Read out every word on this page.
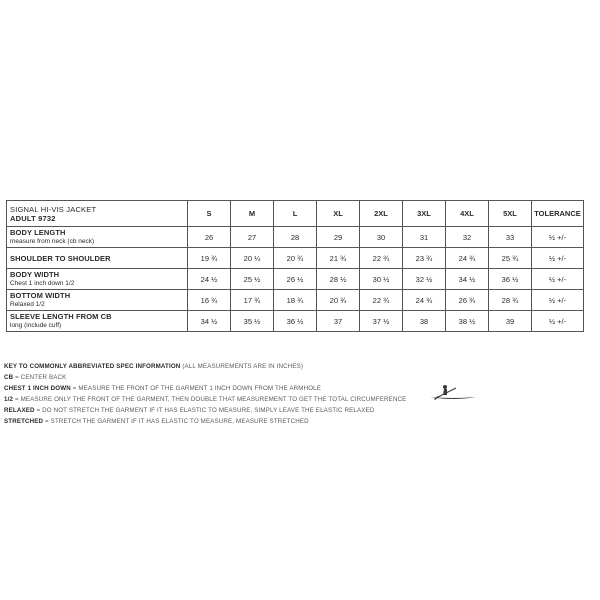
SIGNAL HI-VIS JACKET
ADULT 9732	S	M	L	XL	2XL	3XL	4XL	5XL	TOLERANCE

BODY LENGTH
measure from neck (cb neck)	26	27	28	29	30	31	32	33	½ +/-

SHOULDER TO SHOULDER	19 ¾	20 ¼	20 ¾	21 ¾	22 ¾	23 ¾	24 ¾	25 ¾	½ +/-

BODY WIDTH
Chest 1 inch down 1/2	24 ½	25 ½	26 ½	28 ½	30 ½	32 ½	34 ½	36 ½	½ +/-

BOTTOM WIDTH
Relaxed 1/2	16 ¾	17 ¾	18 ¾	20 ¾	22 ¾	24 ¾	26 ¾	28 ¾	½ +/-

SLEEVE LENGTH FROM CB
long (include cuff)	34 ½	35 ½	36 ½	37	37 ½	38	38 ½	39	½ +/-
KEY TO COMMONLY ABBREVIATED SPEC INFORMATION (ALL MEASUREMENTS ARE IN INCHES)
CB = CENTER BACK
CHEST 1 INCH DOWN = MEASURE THE FRONT OF THE GARMENT 1 INCH DOWN FROM THE ARMHOLE
1/2 = MEASURE ONLY THE FRONT OF THE GARMENT, THEN DOUBLE THAT MEASUREMENT TO GET THE TOTAL CIRCUMFERENCE
RELAXED = DO NOT STRETCH THE GARMENT IF IT HAS ELASTIC TO MEASURE, SIMPLY LEAVE THE ELASTIC RELAXED
STRETCHED = STRETCH THE GARMENT IF IT HAS ELASTIC TO MEASURE, MEASURE STRETCHED
